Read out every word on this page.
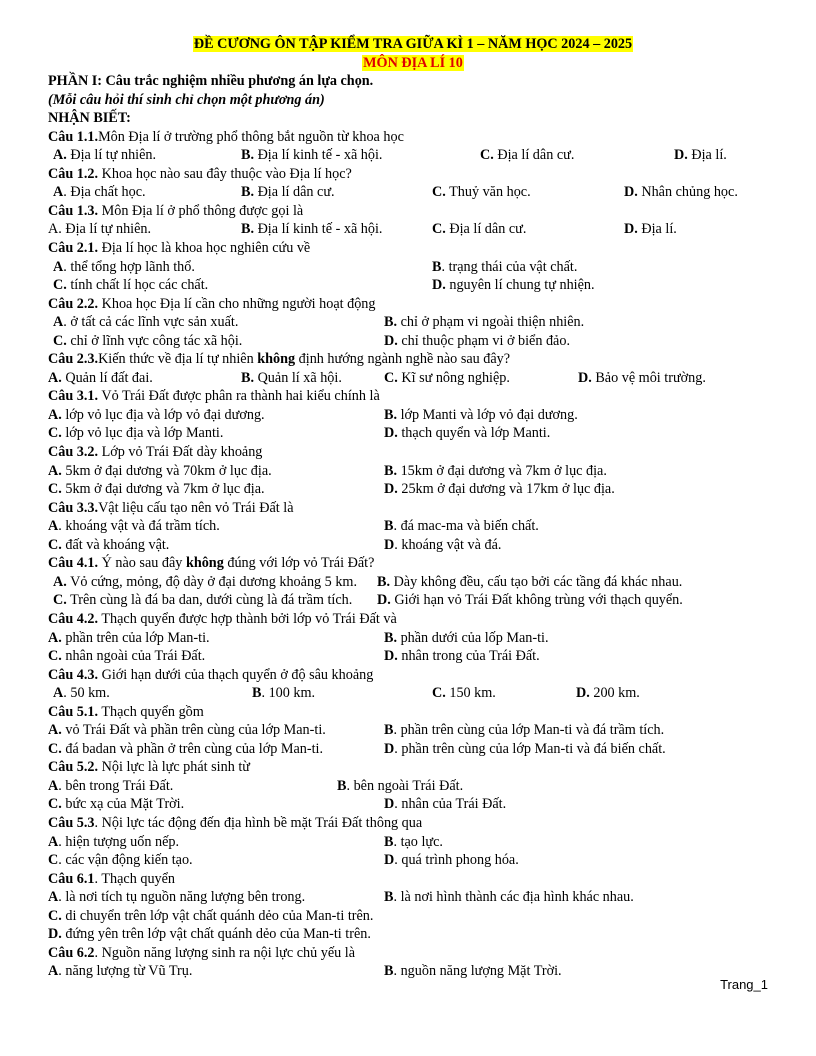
ĐỀ CƯƠNG ÔN TẬP KIỂM TRA GIỮA KÌ 1 – NĂM HỌC 2024 – 2025
MÔN ĐỊA LÍ 10
PHẦN I: Câu trắc nghiệm nhiều phương án lựa chọn.
(Mỗi câu hỏi thí sinh chỉ chọn một phương án)
NHẬN BIẾT:
Câu 1.1.Môn Địa lí ở trường phổ thông bắt nguồn từ khoa học
A. Địa lí tự nhiên.	B. Địa lí kinh tế - xã hội.	C. Địa lí dân cư.	D. Địa lí.
Câu 1.2. Khoa học nào sau đây thuộc vào Địa lí học?
A. Địa chất học.	B. Địa lí dân cư.	C. Thuỷ văn học.	D. Nhân chủng học.
Câu 1.3. Môn Địa lí ở phổ thông được gọi là
A. Địa lí tự nhiên.	B. Địa lí kinh tế - xã hội.	C. Địa lí dân cư.	D. Địa lí.
Câu 2.1. Địa lí học là khoa học nghiên cứu về
A. thể tổng hợp lãnh thổ.	B. trạng thái của vật chất.
C. tính chất lí học các chất.	D. nguyên lí chung tự nhiện.
Câu 2.2. Khoa học Địa lí cần cho những người hoạt động
A. ở tất cả các lĩnh vực sản xuất.	B. chỉ ở phạm vi ngoài thiện nhiên.
C. chỉ ở lĩnh vực công tác xã hội.	D. chỉ thuộc phạm vi ở biển đảo.
Câu 2.3.Kiến thức về địa lí tự nhiên không định hướng ngành nghề nào sau đây?
A. Quản lí đất đai.	B. Quản lí xã hội.	C. Kĩ sư nông nghiệp.	D. Bảo vệ môi trường.
Câu 3.1. Vỏ Trái Đất được phân ra thành hai kiểu chính là
A. lớp vỏ lục địa và lớp vỏ đại dương.	B. lớp Manti và lớp vỏ đại dương.
C. lớp vỏ lục địa và lớp Manti.	D. thạch quyển và lớp Manti.
Câu 3.2. Lớp vỏ Trái Đất dày khoảng
A. 5km ở đại dương và 70km ở lục địa.	B. 15km ở đại dương và 7km ở lục địa.
C. 5km ở đại dương và 7km ở lục địa.	D. 25km ở đại dương và 17km ở lục địa.
Câu 3.3.Vật liệu cấu tạo nên vỏ Trái Đất là
A. khoáng vật và đá trầm tích.	B. đá mac-ma và biến chất.
C. đất và khoáng vật.	D. khoáng vật và đá.
Câu 4.1. Ý nào sau đây không đúng với lớp vỏ Trái Đất?
A. Vỏ cứng, mỏng, độ dày ở đại dương khoảng 5 km. B. Dày không đều, cấu tạo bởi các tầng đá khác nhau.
C. Trên cùng là đá ba dan, dưới cùng là đá trầm tích. D. Giới hạn vỏ Trái Đất không trùng với thạch quyển.
Câu 4.2. Thạch quyển được hợp thành bởi lớp vỏ Trái Đất và
A. phần trên của lớp Man-ti.	B. phần dưới của lốp Man-ti.
C. nhân ngoài của Trái Đất.	D. nhân trong của Trái Đất.
Câu 4.3. Giới hạn dưới của thạch quyển ở độ sâu khoảng
A. 50 km.	B. 100 km.	C. 150 km.	D. 200 km.
Câu 5.1. Thạch quyển gồm
A. vỏ Trái Đất và phần trên cùng của lớp Man-ti.	B. phần trên cùng của lớp Man-ti và đá trầm tích.
C. đá badan và phần ở trên cùng của lớp Man-ti.	D. phần trên cùng của lớp Man-ti và đá biến chất.
Câu 5.2. Nội lực là lực phát sinh từ
A. bên trong Trái Đất.	B. bên ngoài Trái Đất.
C. bức xạ của Mặt Trời.	D. nhân của Trái Đất.
Câu 5.3. Nội lực tác động đến địa hình bề mặt Trái Đất thông qua
A. hiện tượng uốn nếp.	B. tạo lực.
C. các vận động kiến tạo.	D. quá trình phong hóa.
Câu 6.1. Thạch quyển
A. là nơi tích tụ nguồn năng lượng bên trong.	B. là nơi hình thành các địa hình khác nhau.
C. di chuyển trên lớp vật chất quánh dẻo của Man-ti trên.
D. đứng yên trên lớp vật chất quánh dẻo của Man-ti trên.
Câu 6.2. Nguồn năng lượng sinh ra nội lực chủ yếu là
A. năng lượng từ Vũ Trụ.	B. nguồn năng lượng Mặt Trời.
Trang_1
